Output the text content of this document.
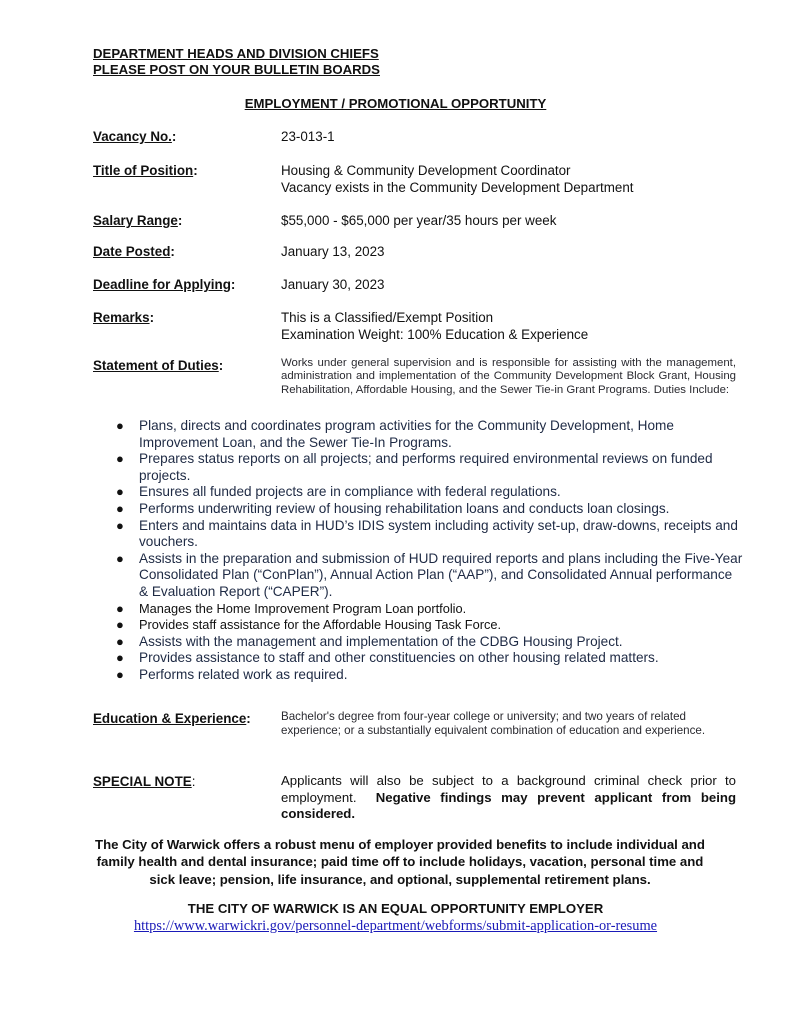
DEPARTMENT HEADS AND DIVISION CHIEFS
PLEASE POST ON YOUR BULLETIN BOARDS
EMPLOYMENT / PROMOTIONAL OPPORTUNITY
Vacancy No.:	23-013-1
Title of Position:	Housing & Community Development Coordinator
Vacancy exists in the Community Development Department
Salary Range:	$55,000 - $65,000 per year/35 hours per week
Date Posted:	January 13, 2023
Deadline for Applying:	January 30, 2023
Remarks:	This is a Classified/Exempt Position
Examination Weight: 100% Education & Experience
Statement of Duties:	Works under general supervision and is responsible for assisting with the management, administration and implementation of the Community Development Block Grant, Housing Rehabilitation, Affordable Housing, and the Sewer Tie-in Grant Programs. Duties Include:
● Plans, directs and coordinates program activities for the Community Development, Home Improvement Loan, and the Sewer Tie-In Programs.
● Prepares status reports on all projects; and performs required environmental reviews on funded projects.
● Ensures all funded projects are in compliance with federal regulations.
● Performs underwriting review of housing rehabilitation loans and conducts loan closings.
● Enters and maintains data in HUD’s IDIS system including activity set-up, draw-downs, receipts and vouchers.
● Assists in the preparation and submission of HUD required reports and plans including the Five-Year Consolidated Plan (“ConPlan”), Annual Action Plan (“AAP”), and Consolidated Annual performance & Evaluation Report (“CAPER”).
● Manages the Home Improvement Program Loan portfolio.
● Provides staff assistance for the Affordable Housing Task Force.
● Assists with the management and implementation of the CDBG Housing Project.
● Provides assistance to staff and other constituencies on other housing related matters.
● Performs related work as required.
Education & Experience:	Bachelor's degree from four-year college or university; and two years of related experience; or a substantially equivalent combination of education and experience.
SPECIAL NOTE:	Applicants will also be subject to a background criminal check prior to employment. Negative findings may prevent applicant from being considered.
The City of Warwick offers a robust menu of employer provided benefits to include individual and family health and dental insurance; paid time off to include holidays, vacation, personal time and sick leave; pension, life insurance, and optional, supplemental retirement plans.
THE CITY OF WARWICK IS AN EQUAL OPPORTUNITY EMPLOYER
https://www.warwickri.gov/personnel-department/webforms/submit-application-or-resume
